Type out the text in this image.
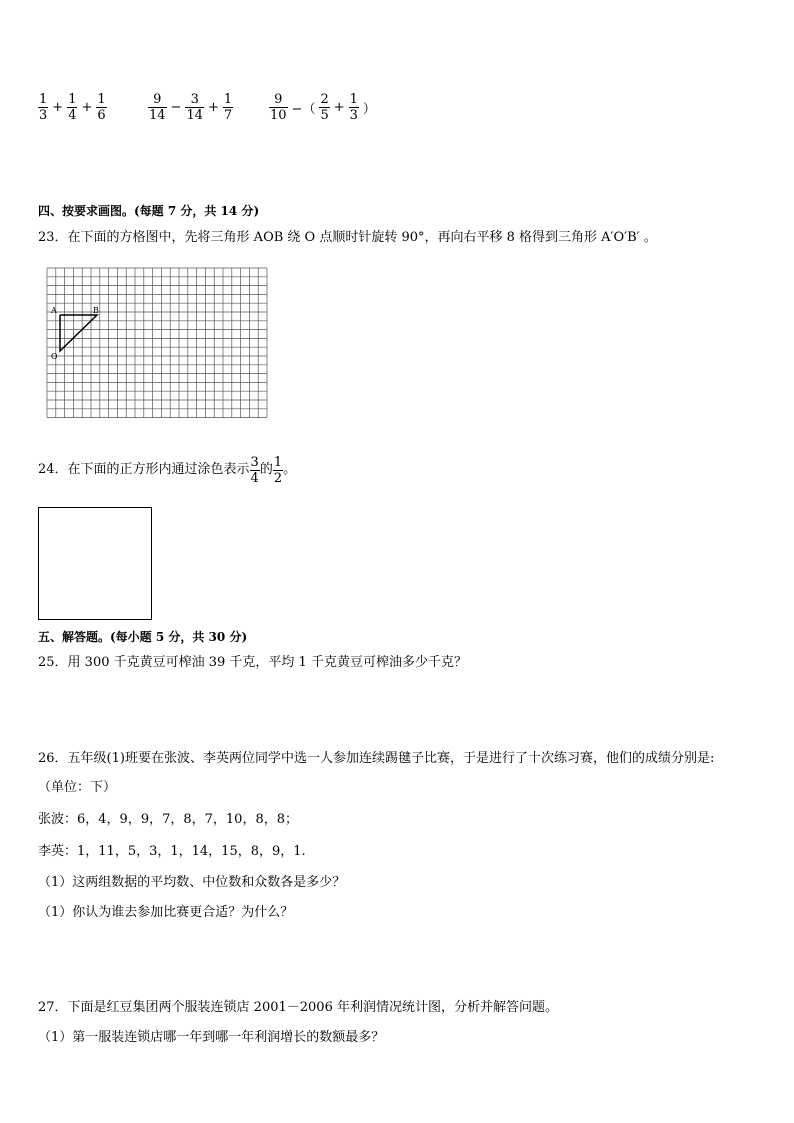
$\frac{1}{3} + \frac{1}{4} + \frac{1}{6}$	$\frac{9}{14} - \frac{3}{14} + \frac{1}{7}$	$\frac{9}{10}$ −（ $\frac{2}{5} + \frac{1}{3}$ ）
四、按要求画图。(每题 7 分，共 14 分)
23．在下面的方格图中，先将三角形 AOB 绕 O 点顺时针旋转 90°，再向右平移 8 格得到三角形 A′O′B′ 。
A	B
O
24．在下面的正方形内通过涂色表示 $\frac{3}{4}$ 的 $\frac{1}{2}$ 。
五、解答题。(每小题 5 分，共 30 分)
25．用 300 千克黄豆可榨油 39 千克，平均 1 千克黄豆可榨油多少千克？
26．五年级(1)班要在张波、李英两位同学中选一人参加连续踢毽子比赛，于是进行了十次练习赛，他们的成绩分别是:
（单位：下）
张波：6，4，9，9，7，8，7，10，8，8；
李英：1，11，5，3，1，14，15，8，9，1.
（1）这两组数据的平均数、中位数和众数各是多少？
（1）你认为谁去参加比赛更合适？为什么？
27．下面是红豆集团两个服装连锁店 2001－2006 年利润情况统计图，分析并解答问题。
（1）第一服装连锁店哪一年到哪一年利润增长的数额最多？
